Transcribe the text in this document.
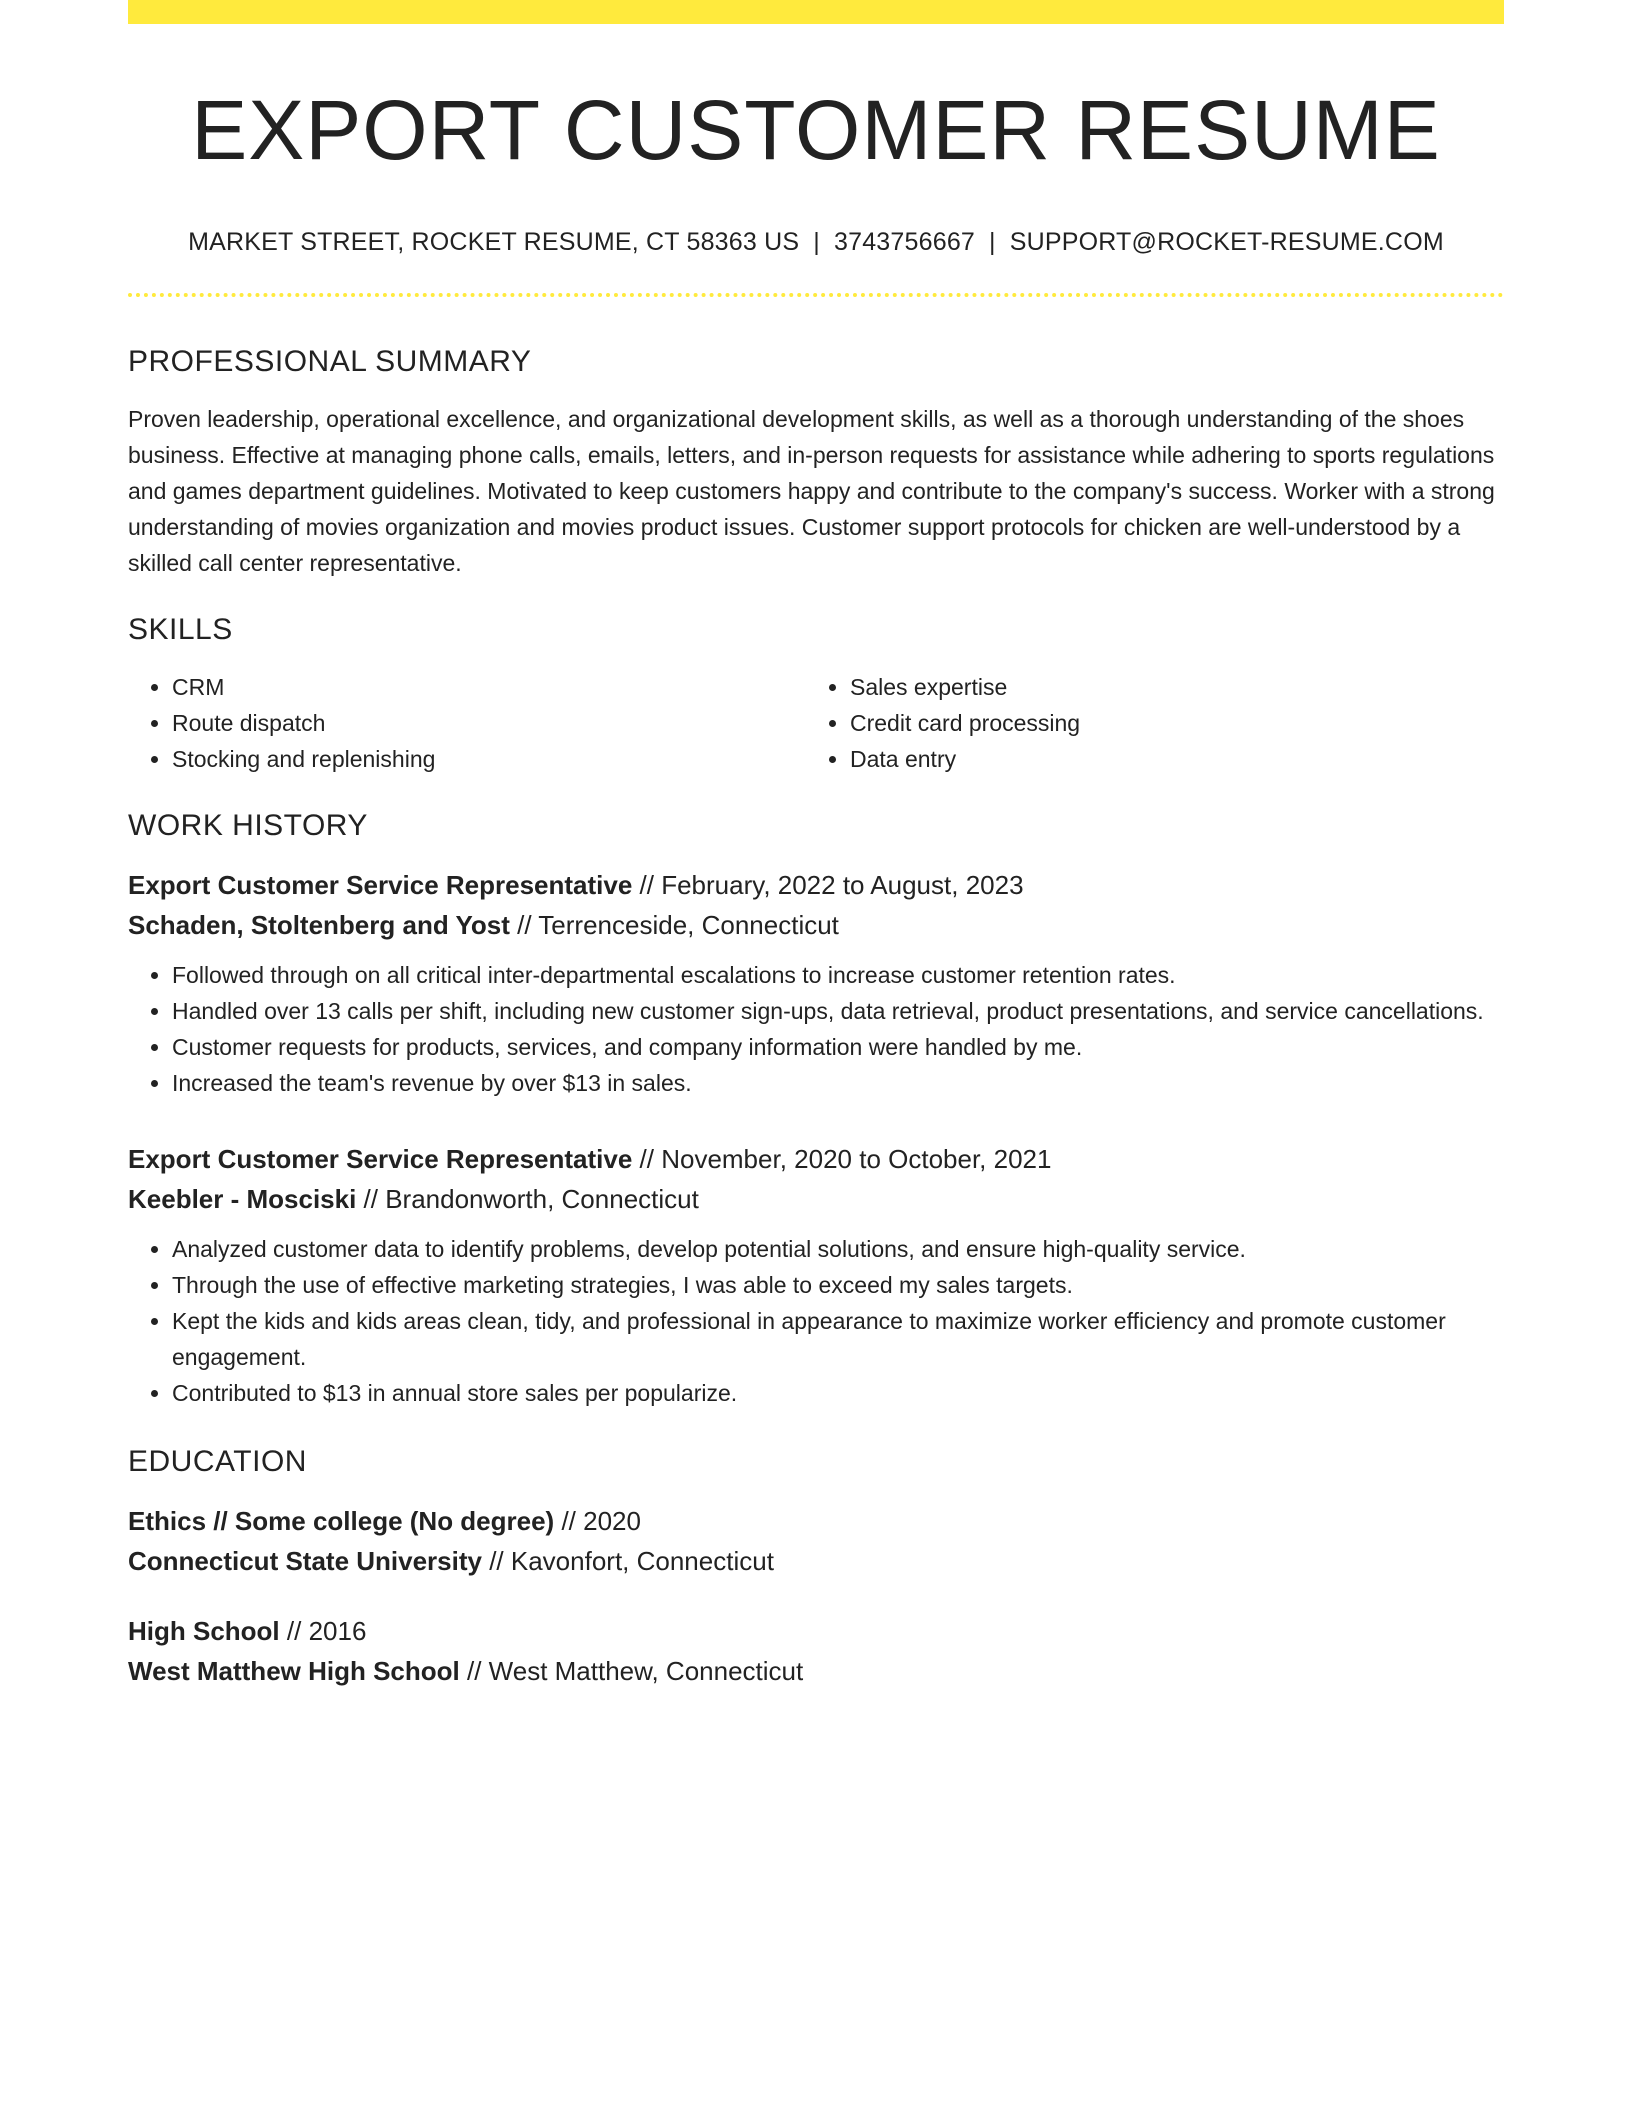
EXPORT CUSTOMER RESUME
MARKET STREET, ROCKET RESUME, CT 58363 US | 3743756667 | SUPPORT@ROCKET-RESUME.COM
PROFESSIONAL SUMMARY
Proven leadership, operational excellence, and organizational development skills, as well as a thorough understanding of the shoes business. Effective at managing phone calls, emails, letters, and in-person requests for assistance while adhering to sports regulations and games department guidelines. Motivated to keep customers happy and contribute to the company's success. Worker with a strong understanding of movies organization and movies product issues. Customer support protocols for chicken are well-understood by a skilled call center representative.
SKILLS
• CRM
• Route dispatch
• Stocking and replenishing
• Sales expertise
• Credit card processing
• Data entry
WORK HISTORY
Export Customer Service Representative // February, 2022 to August, 2023
Schaden, Stoltenberg and Yost // Terrenceside, Connecticut
• Followed through on all critical inter-departmental escalations to increase customer retention rates.
• Handled over 13 calls per shift, including new customer sign-ups, data retrieval, product presentations, and service cancellations.
• Customer requests for products, services, and company information were handled by me.
• Increased the team's revenue by over $13 in sales.
Export Customer Service Representative // November, 2020 to October, 2021
Keebler - Mosciski // Brandonworth, Connecticut
• Analyzed customer data to identify problems, develop potential solutions, and ensure high-quality service.
• Through the use of effective marketing strategies, I was able to exceed my sales targets.
• Kept the kids and kids areas clean, tidy, and professional in appearance to maximize worker efficiency and promote customer engagement.
• Contributed to $13 in annual store sales per popularize.
EDUCATION
Ethics // Some college (No degree) // 2020
Connecticut State University // Kavonfort, Connecticut
High School // 2016
West Matthew High School // West Matthew, Connecticut
